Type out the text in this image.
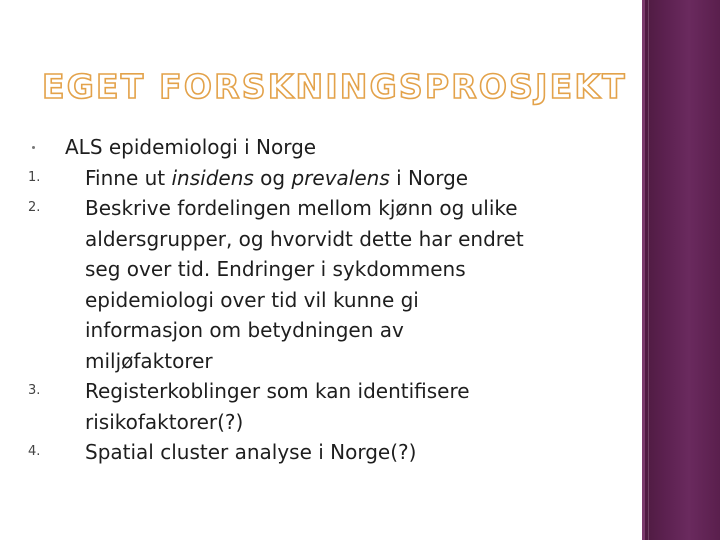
EGET FORSKNINGSPROSJEKT
ALS epidemiologi i Norge
1. Finne ut insidens og prevalens i Norge
2. Beskrive fordelingen mellom kjønn og ulike
aldersgrupper, og hvorvidt dette har endret
seg over tid. Endringer i sykdommens
epidemiologi over tid vil kunne gi
informasjon om betydningen av
miljøfaktorer
3. Registerkoblinger som kan identifisere
risikofaktorer(?)
4. Spatial cluster analyse i Norge(?)
